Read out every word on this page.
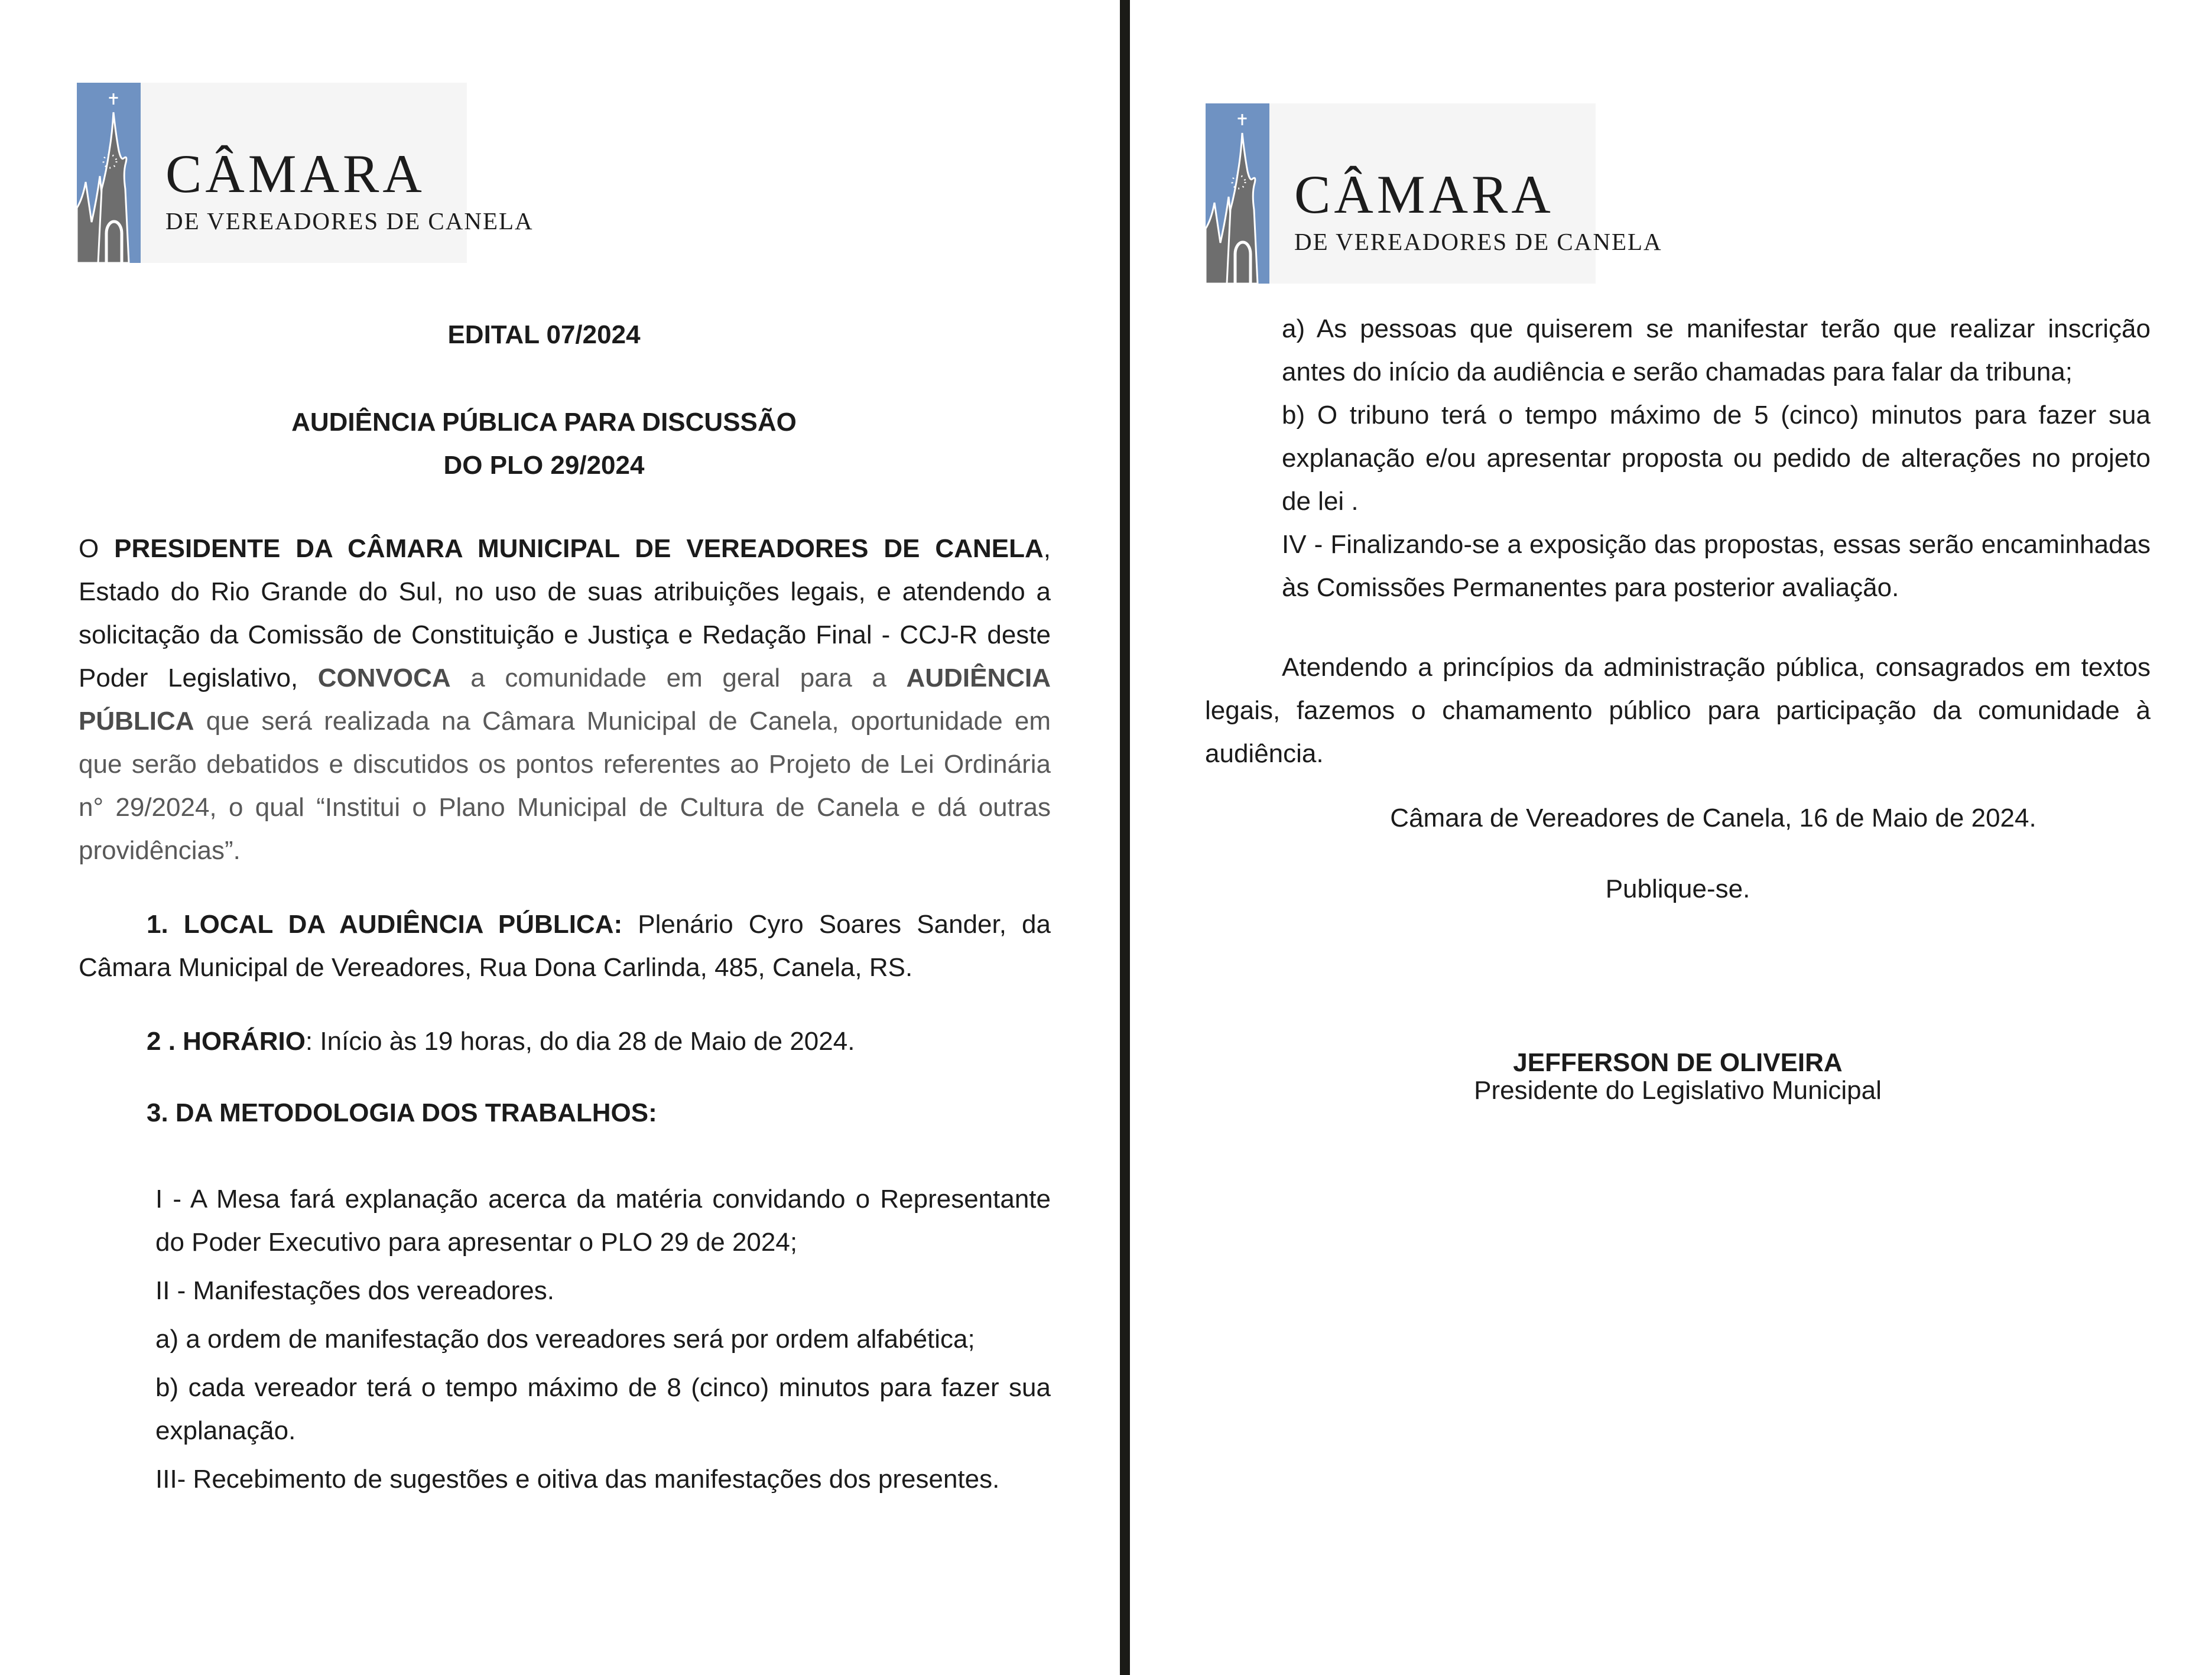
CÂMARA
DE VEREADORES DE CANELA
EDITAL 07/2024
AUDIÊNCIA PÚBLICA PARA DISCUSSÃO
DO PLO 29/2024

O PRESIDENTE DA CÂMARA MUNICIPAL DE VEREADORES DE CANELA, Estado do Rio Grande do Sul, no uso de suas atribuições legais, e atendendo a solicitação da Comissão de Constituição e Justiça e Redação Final - CCJ-R deste Poder Legislativo, CONVOCA a comunidade em geral para a AUDIÊNCIA PÚBLICA que será realizada na Câmara Municipal de Canela, oportunidade em que serão debatidos e discutidos os pontos referentes ao Projeto de Lei Ordinária n° 29/2024, o qual “Institui o Plano Municipal de Cultura de Canela e dá outras providências”.

1. LOCAL DA AUDIÊNCIA PÚBLICA: Plenário Cyro Soares Sander, da Câmara Municipal de Vereadores, Rua Dona Carlinda, 485, Canela, RS.

2 . HORÁRIO: Início às 19 horas, do dia 28 de Maio de 2024.

3. DA METODOLOGIA DOS TRABALHOS:

I - A Mesa fará explanação acerca da matéria convidando o Representante do Poder Executivo para apresentar o PLO 29 de 2024;

II - Manifestações dos vereadores.

a) a ordem de manifestação dos vereadores será por ordem alfabética;

b) cada vereador terá o tempo máximo de 8 (cinco) minutos para fazer sua explanação.

III- Recebimento de sugestões e oitiva das manifestações dos presentes.

CÂMARA
DE VEREADORES DE CANELA

a) As pessoas que quiserem se manifestar terão que realizar inscrição antes do início da audiência e serão chamadas para falar da tribuna;

b) O tribuno terá o tempo máximo de 5 (cinco) minutos para fazer sua explanação e/ou apresentar proposta ou pedido de alterações no projeto de lei .

IV - Finalizando-se a exposição das propostas, essas serão encaminhadas às Comissões Permanentes para posterior avaliação.

Atendendo a princípios da administração pública, consagrados em textos legais, fazemos o chamamento público para participação da comunidade à audiência.

Câmara de Vereadores de Canela, 16 de Maio de 2024.

Publique-se.

JEFFERSON DE OLIVEIRA
Presidente do Legislativo Municipal
